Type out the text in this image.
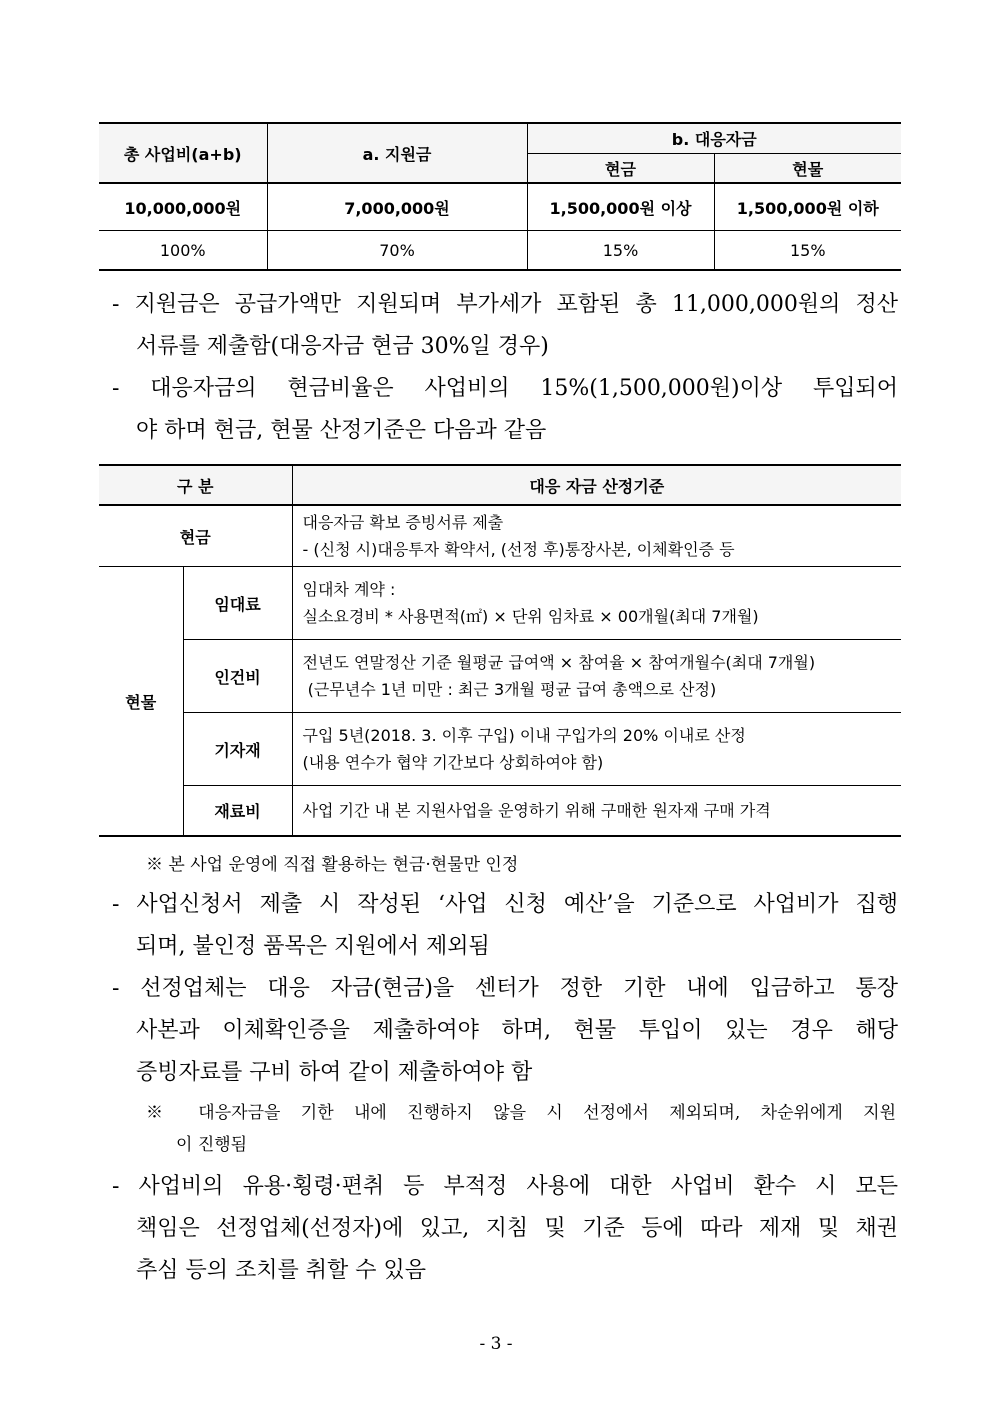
총 사업비(a+b)	a. 지원금	b. 대응자금	
		현금	현물
10,000,000원	7,000,000원	1,500,000원 이상	1,500,000원 이하
100%	70%	15%	15%
- 지원금은 공급가액만 지원되며 부가세가 포함된 총 11,000,000원의 정산
서류를 제출함(대응자금 현금 30%일 경우)
- 대응자금의 현금비율은 사업비의 15%(1,500,000원)이상 투입되어
야 하며 현금, 현물 산정기준은 다음과 같음
구 분		대응 자금 산정기준
현금		대응자금 확보 증빙서류 제출
- (신청 시)대응투자 확약서, (선정 후)통장사본, 이체확인증 등

현물	임대료	임대차 계약 :
실소요경비 * 사용면적(㎡) × 단위 임차료 × 00개월(최대 7개월)

	인건비	전년도 연말정산 기준 월평균 급여액 × 참여율 × 참여개월수(최대 7개월)
(근무년수 1년 미만 : 최근 3개월 평균 급여 총액으로 산정)

	기자재	구입 5년(2018. 3. 이후 구입) 이내 구입가의 20% 이내로 산정
(내용 연수가 협약 기간보다 상회하여야 함)

	재료비	사업 기간 내 본 지원사업을 운영하기 위해 구매한 원자재 구매 가격
※ 본 사업 운영에 직접 활용하는 현금·현물만 인정
- 사업신청서 제출 시 작성된 ‘사업 신청 예산’을 기준으로 사업비가 집행
되며, 불인정 품목은 지원에서 제외됨
- 선정업체는 대응 자금(현금)을 센터가 정한 기한 내에 입금하고 통장
사본과 이체확인증을 제출하여야 하며, 현물 투입이 있는 경우 해당
증빙자료를 구비 하여 같이 제출하여야 함
※ 대응자금을 기한 내에 진행하지 않을 시 선정에서 제외되며, 차순위에게 지원
이 진행됨
- 사업비의 유용·횡령·편취 등 부적정 사용에 대한 사업비 환수 시 모든
책임은 선정업체(선정자)에 있고, 지침 및 기준 등에 따라 제재 및 채권
추심 등의 조치를 취할 수 있음
- 3 -
